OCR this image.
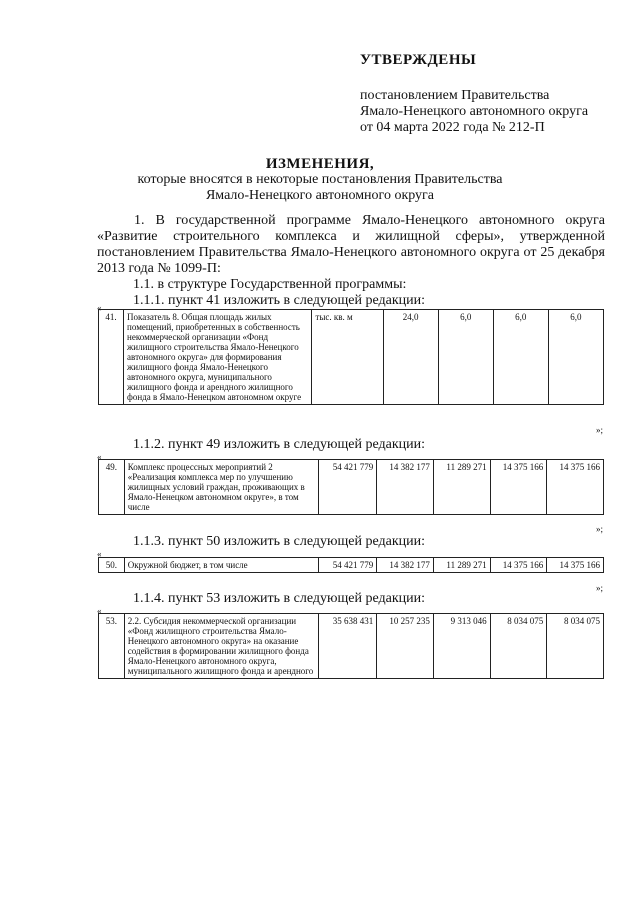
УТВЕРЖДЕНЫ
постановлением Правительства
Ямало-Ненецкого автономного округа
от 04 марта 2022 года № 212-П
ИЗМЕНЕНИЯ,
которые вносятся в некоторые постановления Правительства
Ямало-Ненецкого автономного округа
1. В государственной программе Ямало-Ненецкого автономного округа «Развитие строительного комплекса и жилищной сферы», утвержденной постановлением Правительства Ямало-Ненецкого автономного округа от 25 декабря 2013 года № 1099-П:
1.1. в структуре Государственной программы:
1.1.1. пункт 41 изложить в следующей редакции:
«
41.	Показатель 8. Общая площадь жилых помещений, приобретенных в собственность некоммерческой организации «Фонд жилищного строительства Ямало-Ненецкого автономного округа» для формирования жилищного фонда Ямало-Ненецкого автономного округа, муниципального жилищного фонда и арендного жилищного фонда в Ямало-Ненецком автономном округе	тыс. кв. м	24,0	6,0	6,0	6,0
»;
1.1.2. пункт 49 изложить в следующей редакции:
«
49.	Комплекс процессных мероприятий 2 «Реализация комплекса мер по улучшению жилищных условий граждан, проживающих в Ямало-Ненецком автономном округе», в том числе	54 421 779	14 382 177	11 289 271	14 375 166	14 375 166
»;
1.1.3. пункт 50 изложить в следующей редакции:
«
50.	Окружной бюджет, в том числе	54 421 779	14 382 177	11 289 271	14 375 166	14 375 166
»;
1.1.4. пункт 53 изложить в следующей редакции:
«
53.	2.2. Субсидия некоммерческой организации «Фонд жилищного строительства Ямало-Ненецкого автономного округа» на оказание содействия в формировании жилищного фонда Ямало-Ненецкого автономного округа, муниципального жилищного фонда и арендного	35 638 431	10 257 235	9 313 046	8 034 075	8 034 075
